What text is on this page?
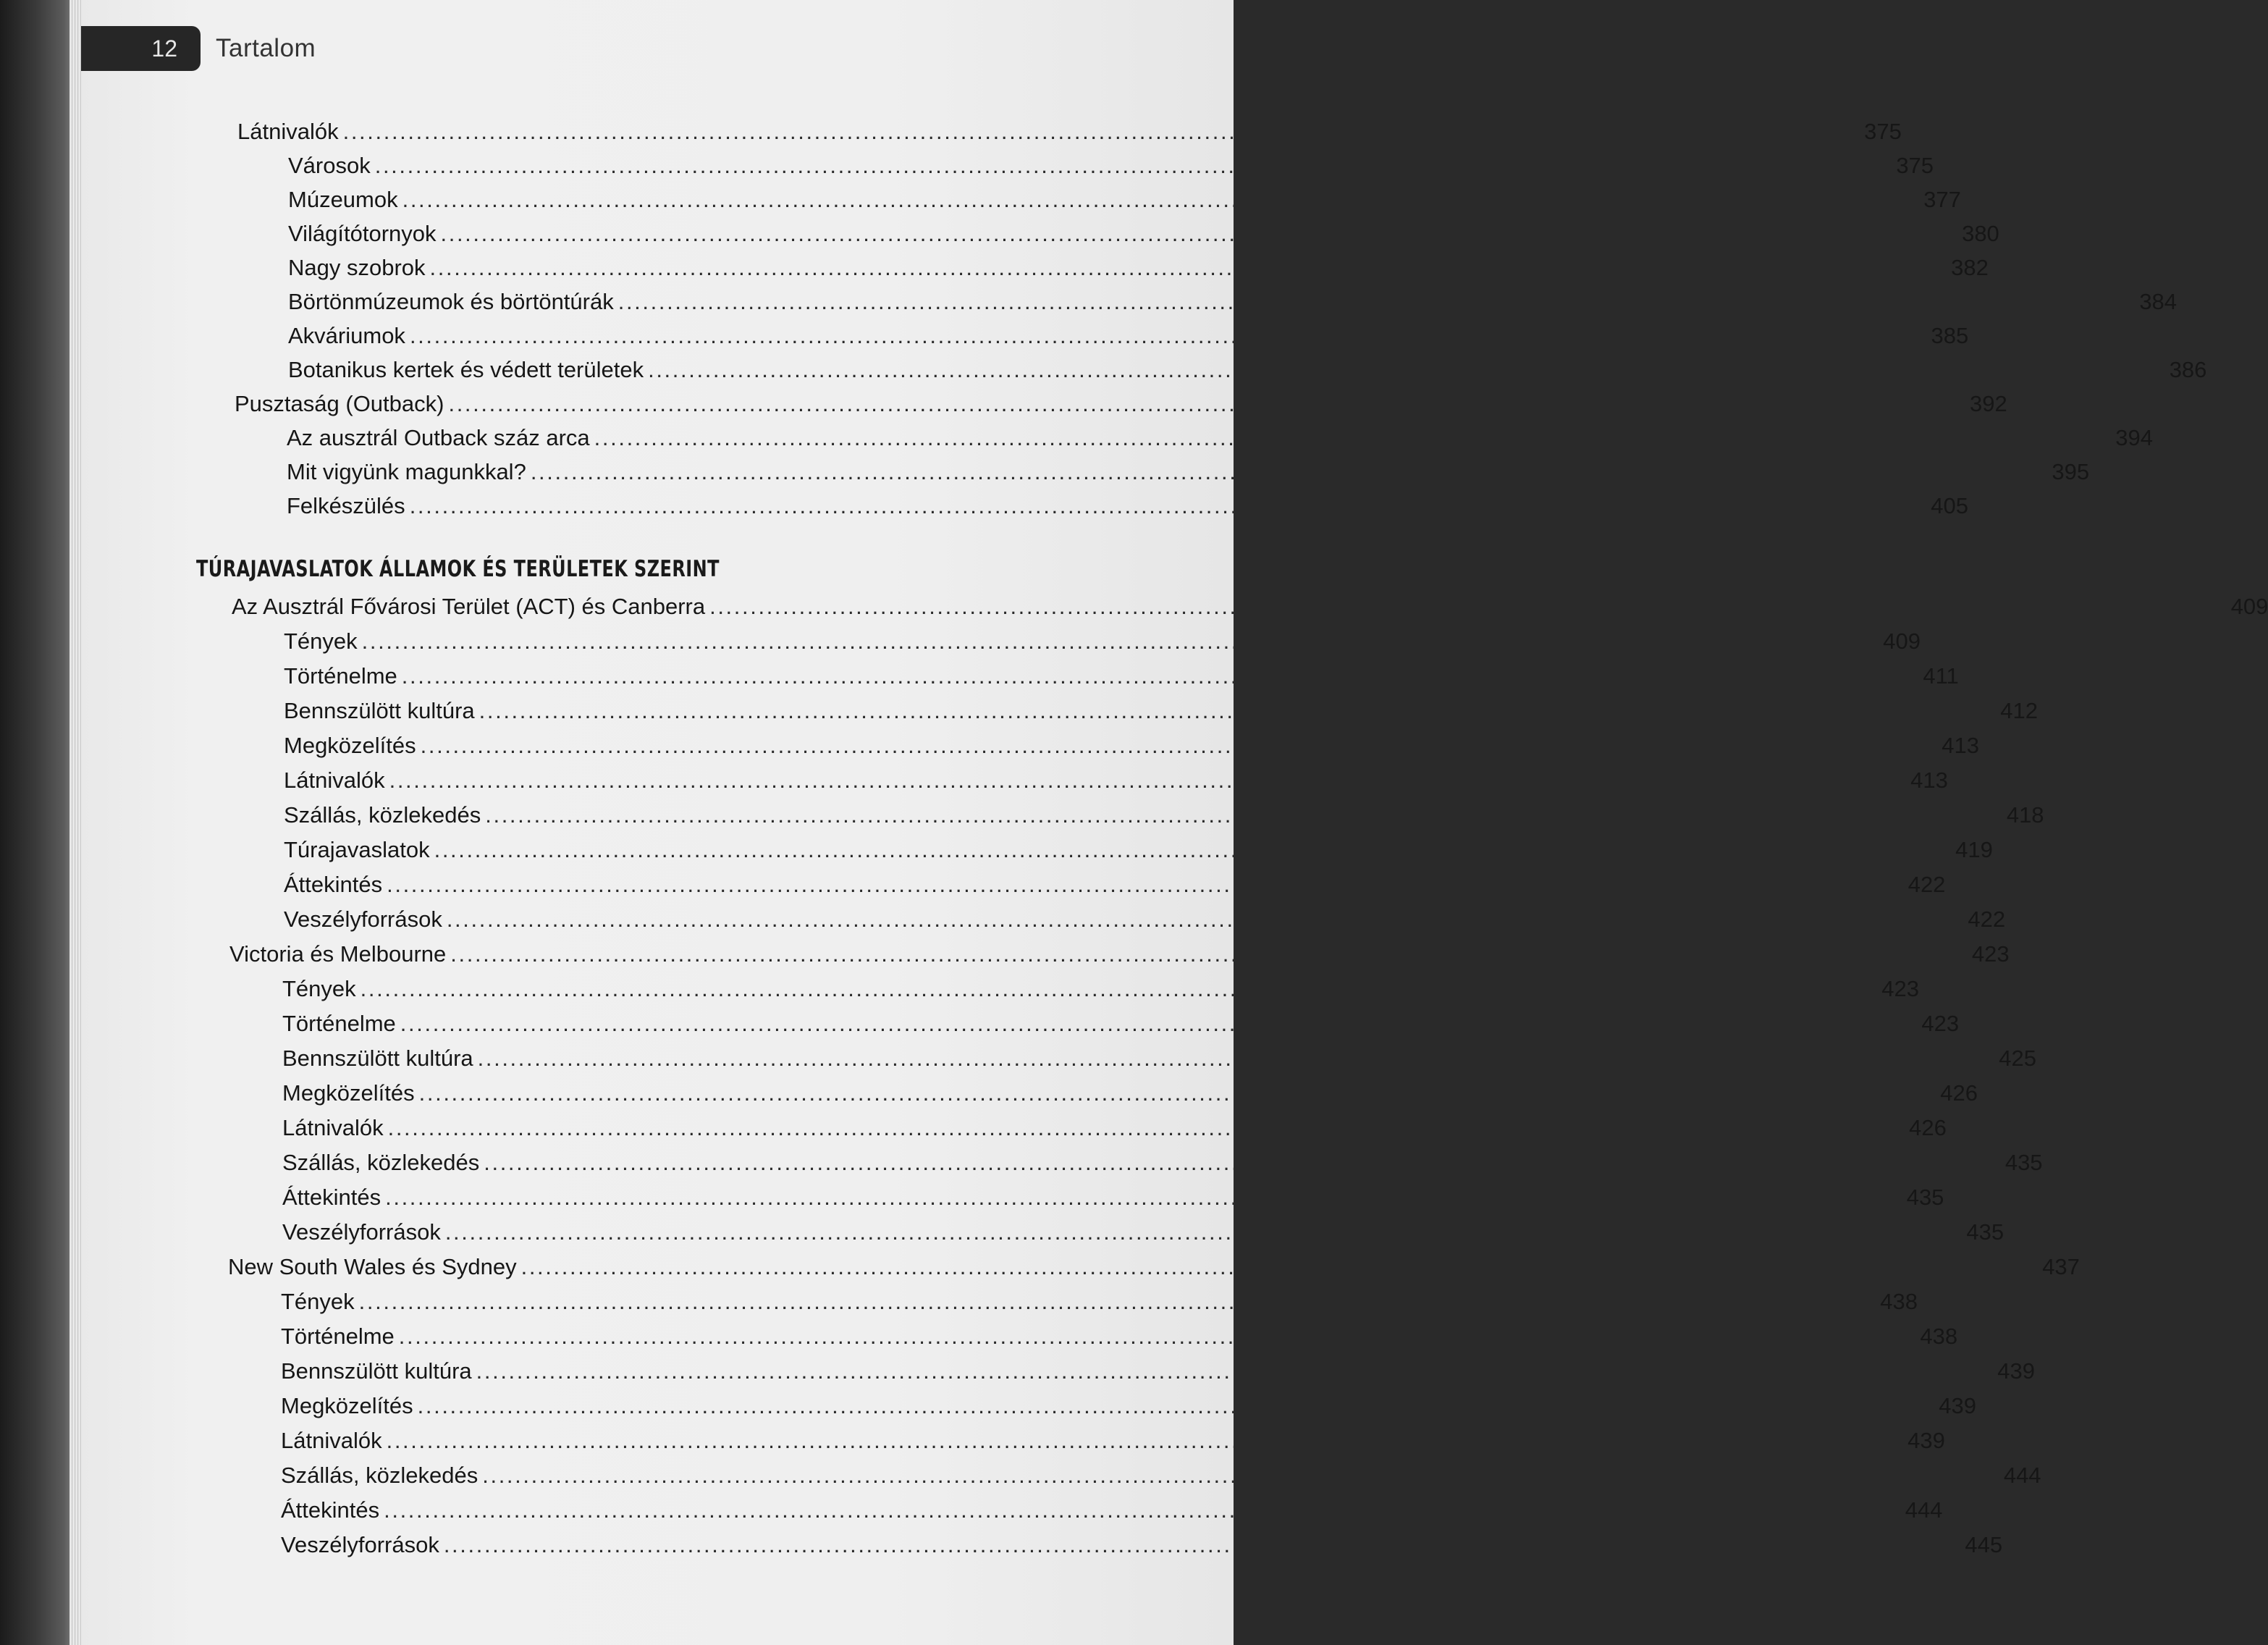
12	Tartalom
Látnivalók . . .	375
Városok . . .	375
Múzeumok . . .	377
Világítótornyok . . .	380
Nagy szobrok . . .	382
Börtönmúzeumok és börtöntúrák . . .	384
Akváriumok . . .	385
Botanikus kertek és védett területek . . .	386
Pusztaság (Outback) . . .	392
Az ausztrál Outback száz arca . . .	394
Mit vigyünk magunkkal? . . .	395
Felkészülés . . .	405
TÚRAJAVASLATOK ÁLLAMOK ÉS TERÜLETEK SZERINT
Az Ausztrál Fővárosi Terület (ACT) és Canberra . . .	409
Tények . . .	409
Történelme . . .	411
Bennszülött kultúra . . .	412
Megközelítés . . .	413
Látnivalók . . .	413
Szállás, közlekedés . . .	418
Túrajavaslatok . . .	419
Áttekintés . . .	422
Veszélyforrások . . .	422
Victoria és Melbourne . . .	423
Tények . . .	423
Történelme . . .	423
Bennszülött kultúra . . .	425
Megközelítés . . .	426
Látnivalók . . .	426
Szállás, közlekedés . . .	435
Áttekintés . . .	435
Veszélyforrások . . .	435
New South Wales és Sydney . . .	437
Tények . . .	438
Történelme . . .	438
Bennszülött kultúra . . .	439
Megközelítés . . .	439
Látnivalók . . .	439
Szállás, közlekedés . . .	444
Áttekintés . . .	444
Veszélyforrások . . .	445
